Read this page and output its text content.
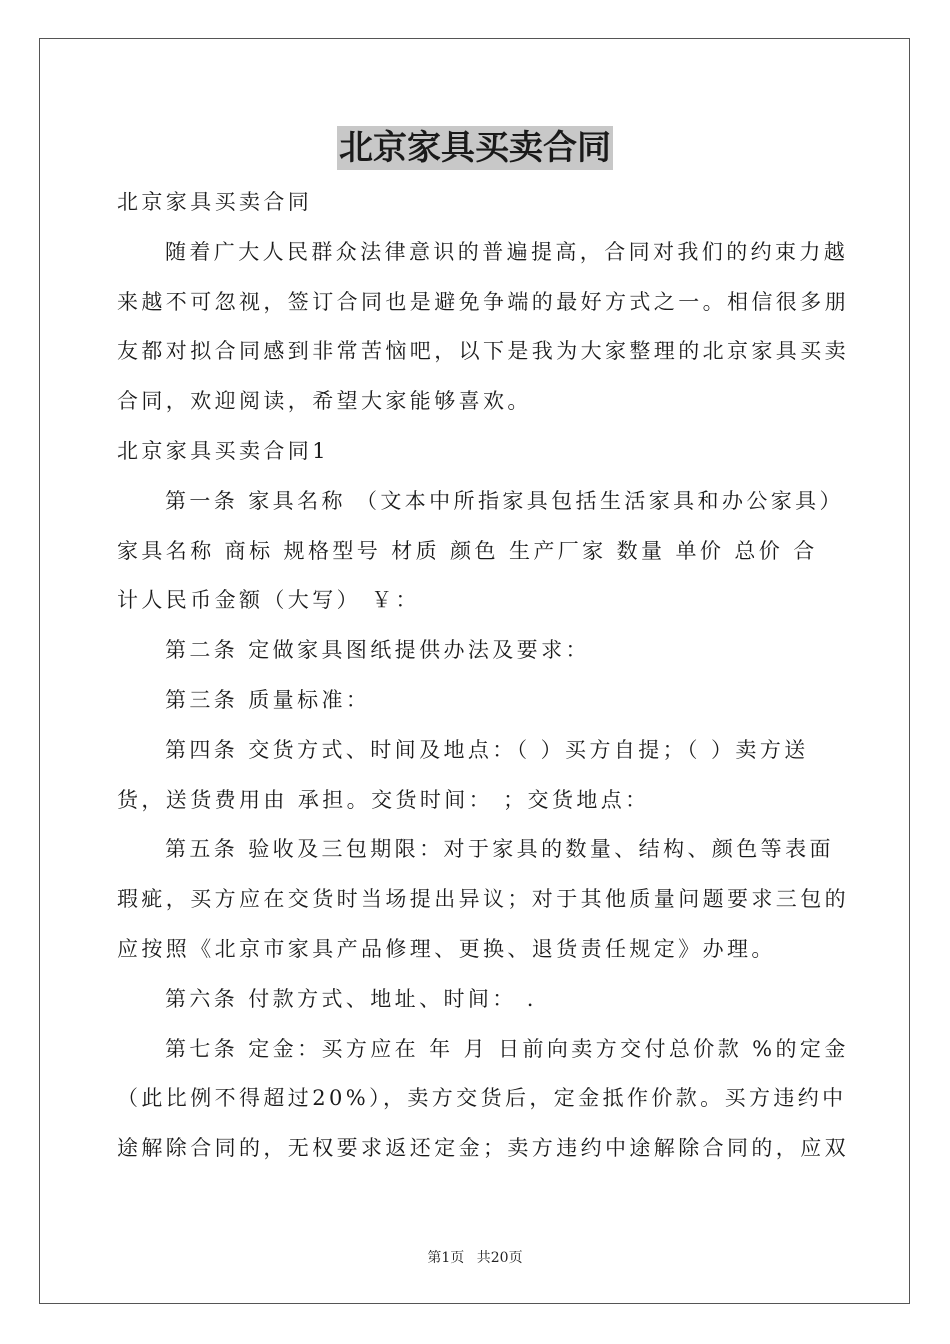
北京家具买卖合同

北京家具买卖合同

随着广大人民群众法律意识的普遍提高，合同对我们的约束力越

来越不可忽视，签订合同也是避免争端的最好方式之一。相信很多朋

友都对拟合同感到非常苦恼吧，以下是我为大家整理的北京家具买卖

合同，欢迎阅读，希望大家能够喜欢。

北京家具买卖合同1

第一条 家具名称 （文本中所指家具包括生活家具和办公家具）

家具名称 商标 规格型号 材质 颜色 生产厂家 数量 单价 总价 合

计人民币金额（大写） ￥：

第二条 定做家具图纸提供办法及要求：

第三条 质量标准：

第四条 交货方式、时间及地点：（ ）买方自提；（ ）卖方送

货，送货费用由 承担。交货时间： ；交货地点：

第五条 验收及三包期限：对于家具的数量、结构、颜色等表面

瑕疵，买方应在交货时当场提出异议；对于其他质量问题要求三包的

应按照《北京市家具产品修理、更换、退货责任规定》办理。

第六条 付款方式、地址、时间： .

第七条 定金：买方应在 年 月 日前向卖方交付总价款 %的定金

（此比例不得超过20%），卖方交货后，定金抵作价款。买方违约中

途解除合同的，无权要求返还定金；卖方违约中途解除合同的，应双

第1页 共20页
